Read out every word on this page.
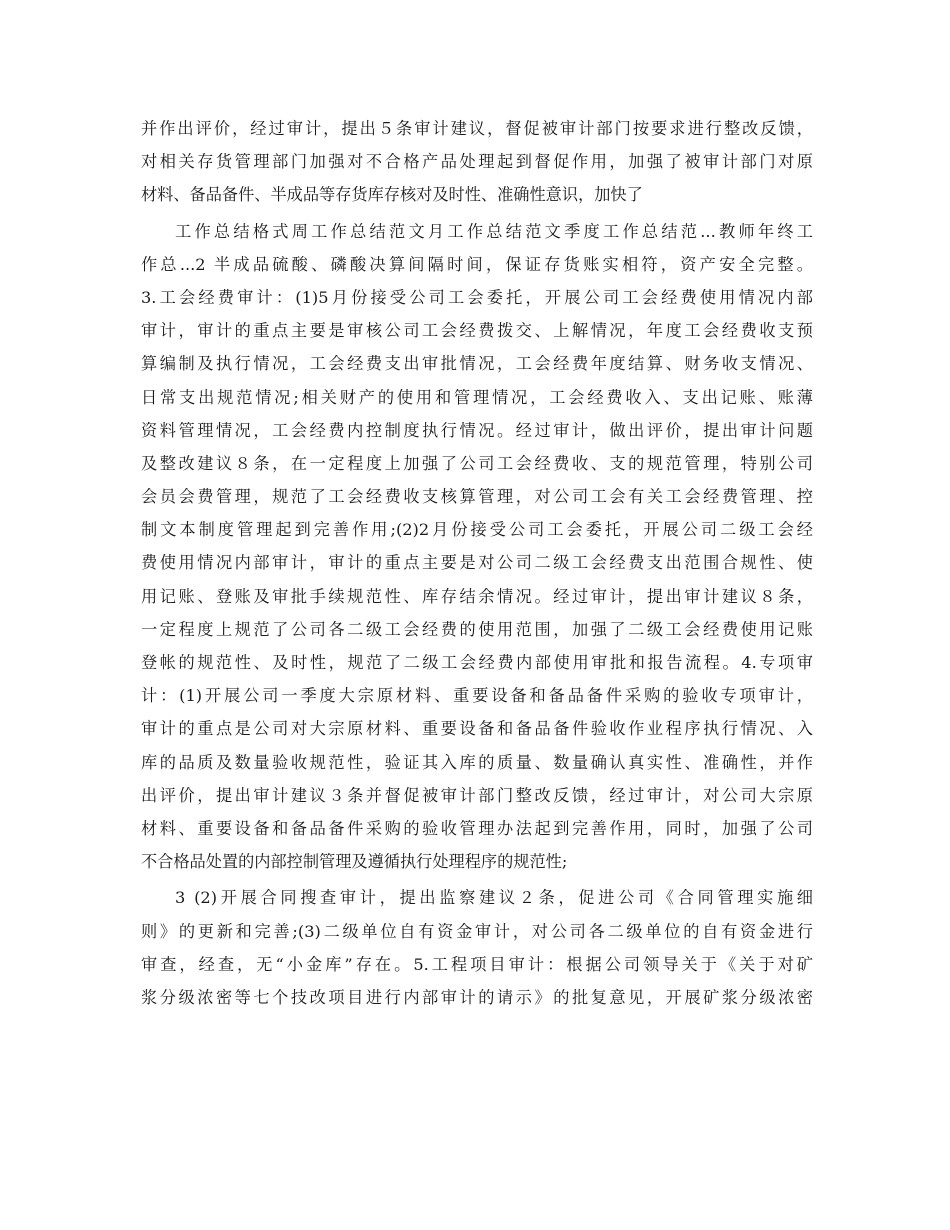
并作出评价，经过审计，提出５条审计建议，督促被审计部门按要求进行整改反馈，
对相关存货管理部门加强对不合格产品处理起到督促作用，加强了被审计部门对原
材料、备品备件、半成品等存货库存核对及时性、准确性意识，加快了
工作总结格式周工作总结范文月工作总结范文季度工作总结范...教师年终工
作总...2 半成品硫酸、磷酸决算间隔时间，保证存货账实相符，资产安全完整。
3.工会经费审计：(1)5月份接受公司工会委托，开展公司工会经费使用情况内部
审计，审计的重点主要是审核公司工会经费拨交、上解情况，年度工会经费收支预
算编制及执行情况，工会经费支出审批情况，工会经费年度结算、财务收支情况、
日常支出规范情况;相关财产的使用和管理情况，工会经费收入、支出记账、账薄
资料管理情况，工会经费内控制度执行情况。经过审计，做出评价，提出审计问题
及整改建议８条，在一定程度上加强了公司工会经费收、支的规范管理，特别公司
会员会费管理，规范了工会经费收支核算管理，对公司工会有关工会经费管理、控
制文本制度管理起到完善作用;(2)2月份接受公司工会委托，开展公司二级工会经
费使用情况内部审计，审计的重点主要是对公司二级工会经费支出范围合规性、使
用记账、登账及审批手续规范性、库存结余情况。经过审计，提出审计建议８条，
一定程度上规范了公司各二级工会经费的使用范围，加强了二级工会经费使用记账
登帐的规范性、及时性，规范了二级工会经费内部使用审批和报告流程。4.专项审
计：(1)开展公司一季度大宗原材料、重要设备和备品备件采购的验收专项审计，
审计的重点是公司对大宗原材料、重要设备和备品备件验收作业程序执行情况、入
库的品质及数量验收规范性，验证其入库的质量、数量确认真实性、准确性，并作
出评价，提出审计建议３条并督促被审计部门整改反馈，经过审计，对公司大宗原
材料、重要设备和备品备件采购的验收管理办法起到完善作用，同时，加强了公司
不合格品处置的内部控制管理及遵循执行处理程序的规范性;
3 (2)开展合同搜查审计，提出监察建议２条，促进公司《合同管理实施细
则》的更新和完善;(3)二级单位自有资金审计，对公司各二级单位的自有资金进行
审查，经查，无“小金库”存在。5.工程项目审计：根据公司领导关于《关于对矿
浆分级浓密等七个技改项目进行内部审计的请示》的批复意见，开展矿浆分级浓密
